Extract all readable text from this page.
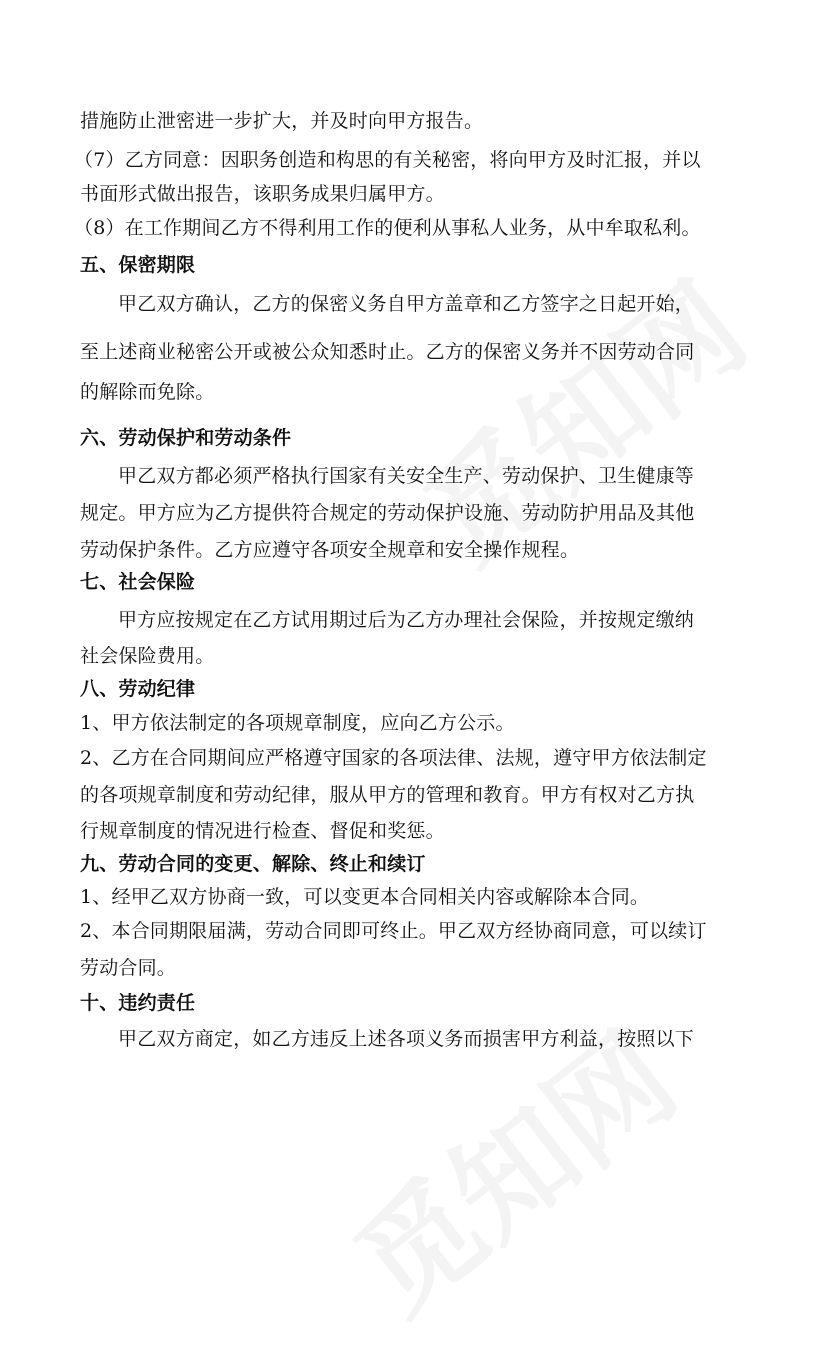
措施防止泄密进一步扩大，并及时向甲方报告。
（7）乙方同意：因职务创造和构思的有关秘密，将向甲方及时汇报，并以
书面形式做出报告，该职务成果归属甲方。
（8）在工作期间乙方不得利用工作的便利从事私人业务，从中牟取私利。
五、保密期限
甲乙双方确认，乙方的保密义务自甲方盖章和乙方签字之日起开始，
至上述商业秘密公开或被公众知悉时止。乙方的保密义务并不因劳动合同
的解除而免除。
六、劳动保护和劳动条件
甲乙双方都必须严格执行国家有关安全生产、劳动保护、卫生健康等
规定。甲方应为乙方提供符合规定的劳动保护设施、劳动防护用品及其他
劳动保护条件。乙方应遵守各项安全规章和安全操作规程。
七、社会保险
甲方应按规定在乙方试用期过后为乙方办理社会保险，并按规定缴纳
社会保险费用。
八、劳动纪律
1、甲方依法制定的各项规章制度，应向乙方公示。
2、乙方在合同期间应严格遵守国家的各项法律、法规，遵守甲方依法制定
的各项规章制度和劳动纪律，服从甲方的管理和教育。甲方有权对乙方执
行规章制度的情况进行检查、督促和奖惩。
九、劳动合同的变更、解除、终止和续订
1、经甲乙双方协商一致，可以变更本合同相关内容或解除本合同。
2、本合同期限届满，劳动合同即可终止。甲乙双方经协商同意，可以续订
劳动合同。
十、违约责任
甲乙双方商定，如乙方违反上述各项义务而损害甲方利益，按照以下
